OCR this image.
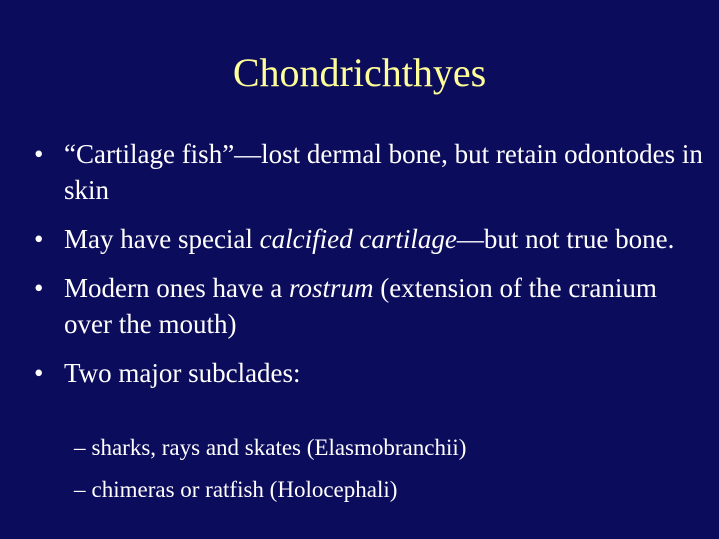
Chondrichthyes
• “Cartilage fish”—lost dermal bone, but retain odontodes in skin
• May have special calcified cartilage—but not true bone.
• Modern ones have a rostrum (extension of the cranium over the mouth)
• Two major subclades:
– sharks, rays and skates (Elasmobranchii)
– chimeras or ratfish (Holocephali)
